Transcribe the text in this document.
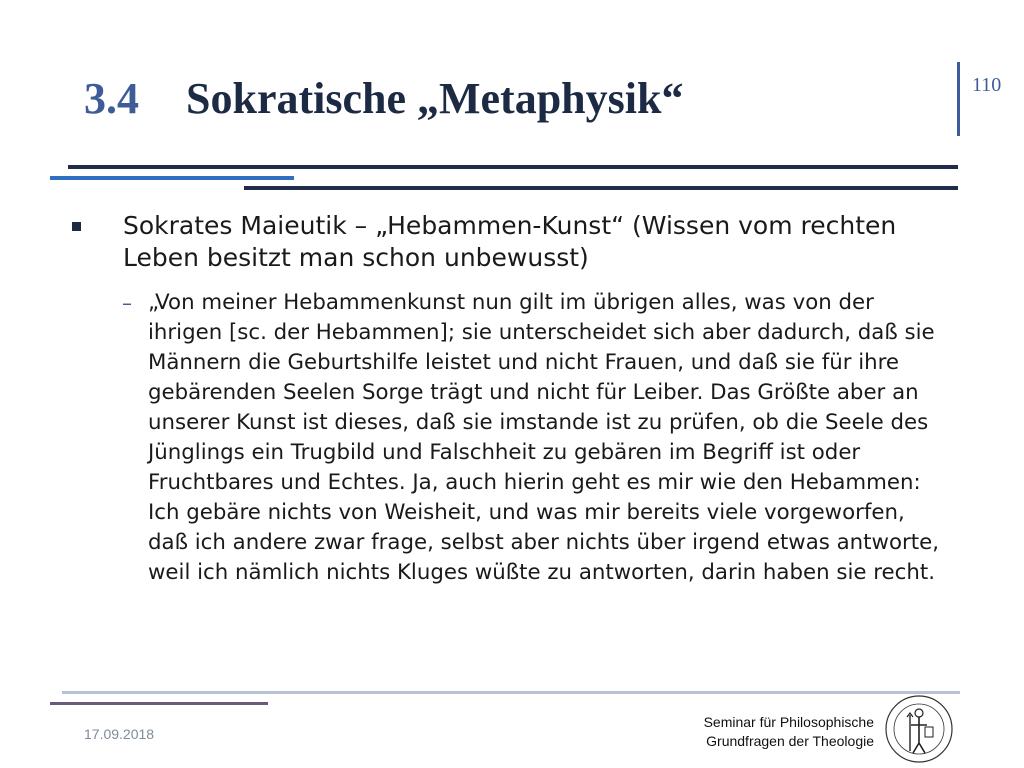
3.4 Sokratische „Metaphysik“	110
Sokrates Maieutik – „Hebammen-Kunst“ (Wissen vom rechten Leben besitzt man schon unbewusst)
– „Von meiner Hebammenkunst nun gilt im übrigen alles, was von der ihrigen [sc. der Hebammen]; sie unterscheidet sich aber dadurch, daß sie Männern die Geburtshilfe leistet und nicht Frauen, und daß sie für ihre gebärenden Seelen Sorge trägt und nicht für Leiber. Das Größte aber an unserer Kunst ist dieses, daß sie imstande ist zu prüfen, ob die Seele des Jünglings ein Trugbild und Falschheit zu gebären im Begriff ist oder Fruchtbares und Echtes. Ja, auch hierin geht es mir wie den Hebammen: Ich gebäre nichts von Weisheit, und was mir bereits viele vorgeworfen, daß ich andere zwar frage, selbst aber nichts über irgend etwas antworte, weil ich nämlich nichts Kluges wüßte zu antworten, darin haben sie recht.
17.09.2018
Seminar für Philosophische
Grundfragen der Theologie
